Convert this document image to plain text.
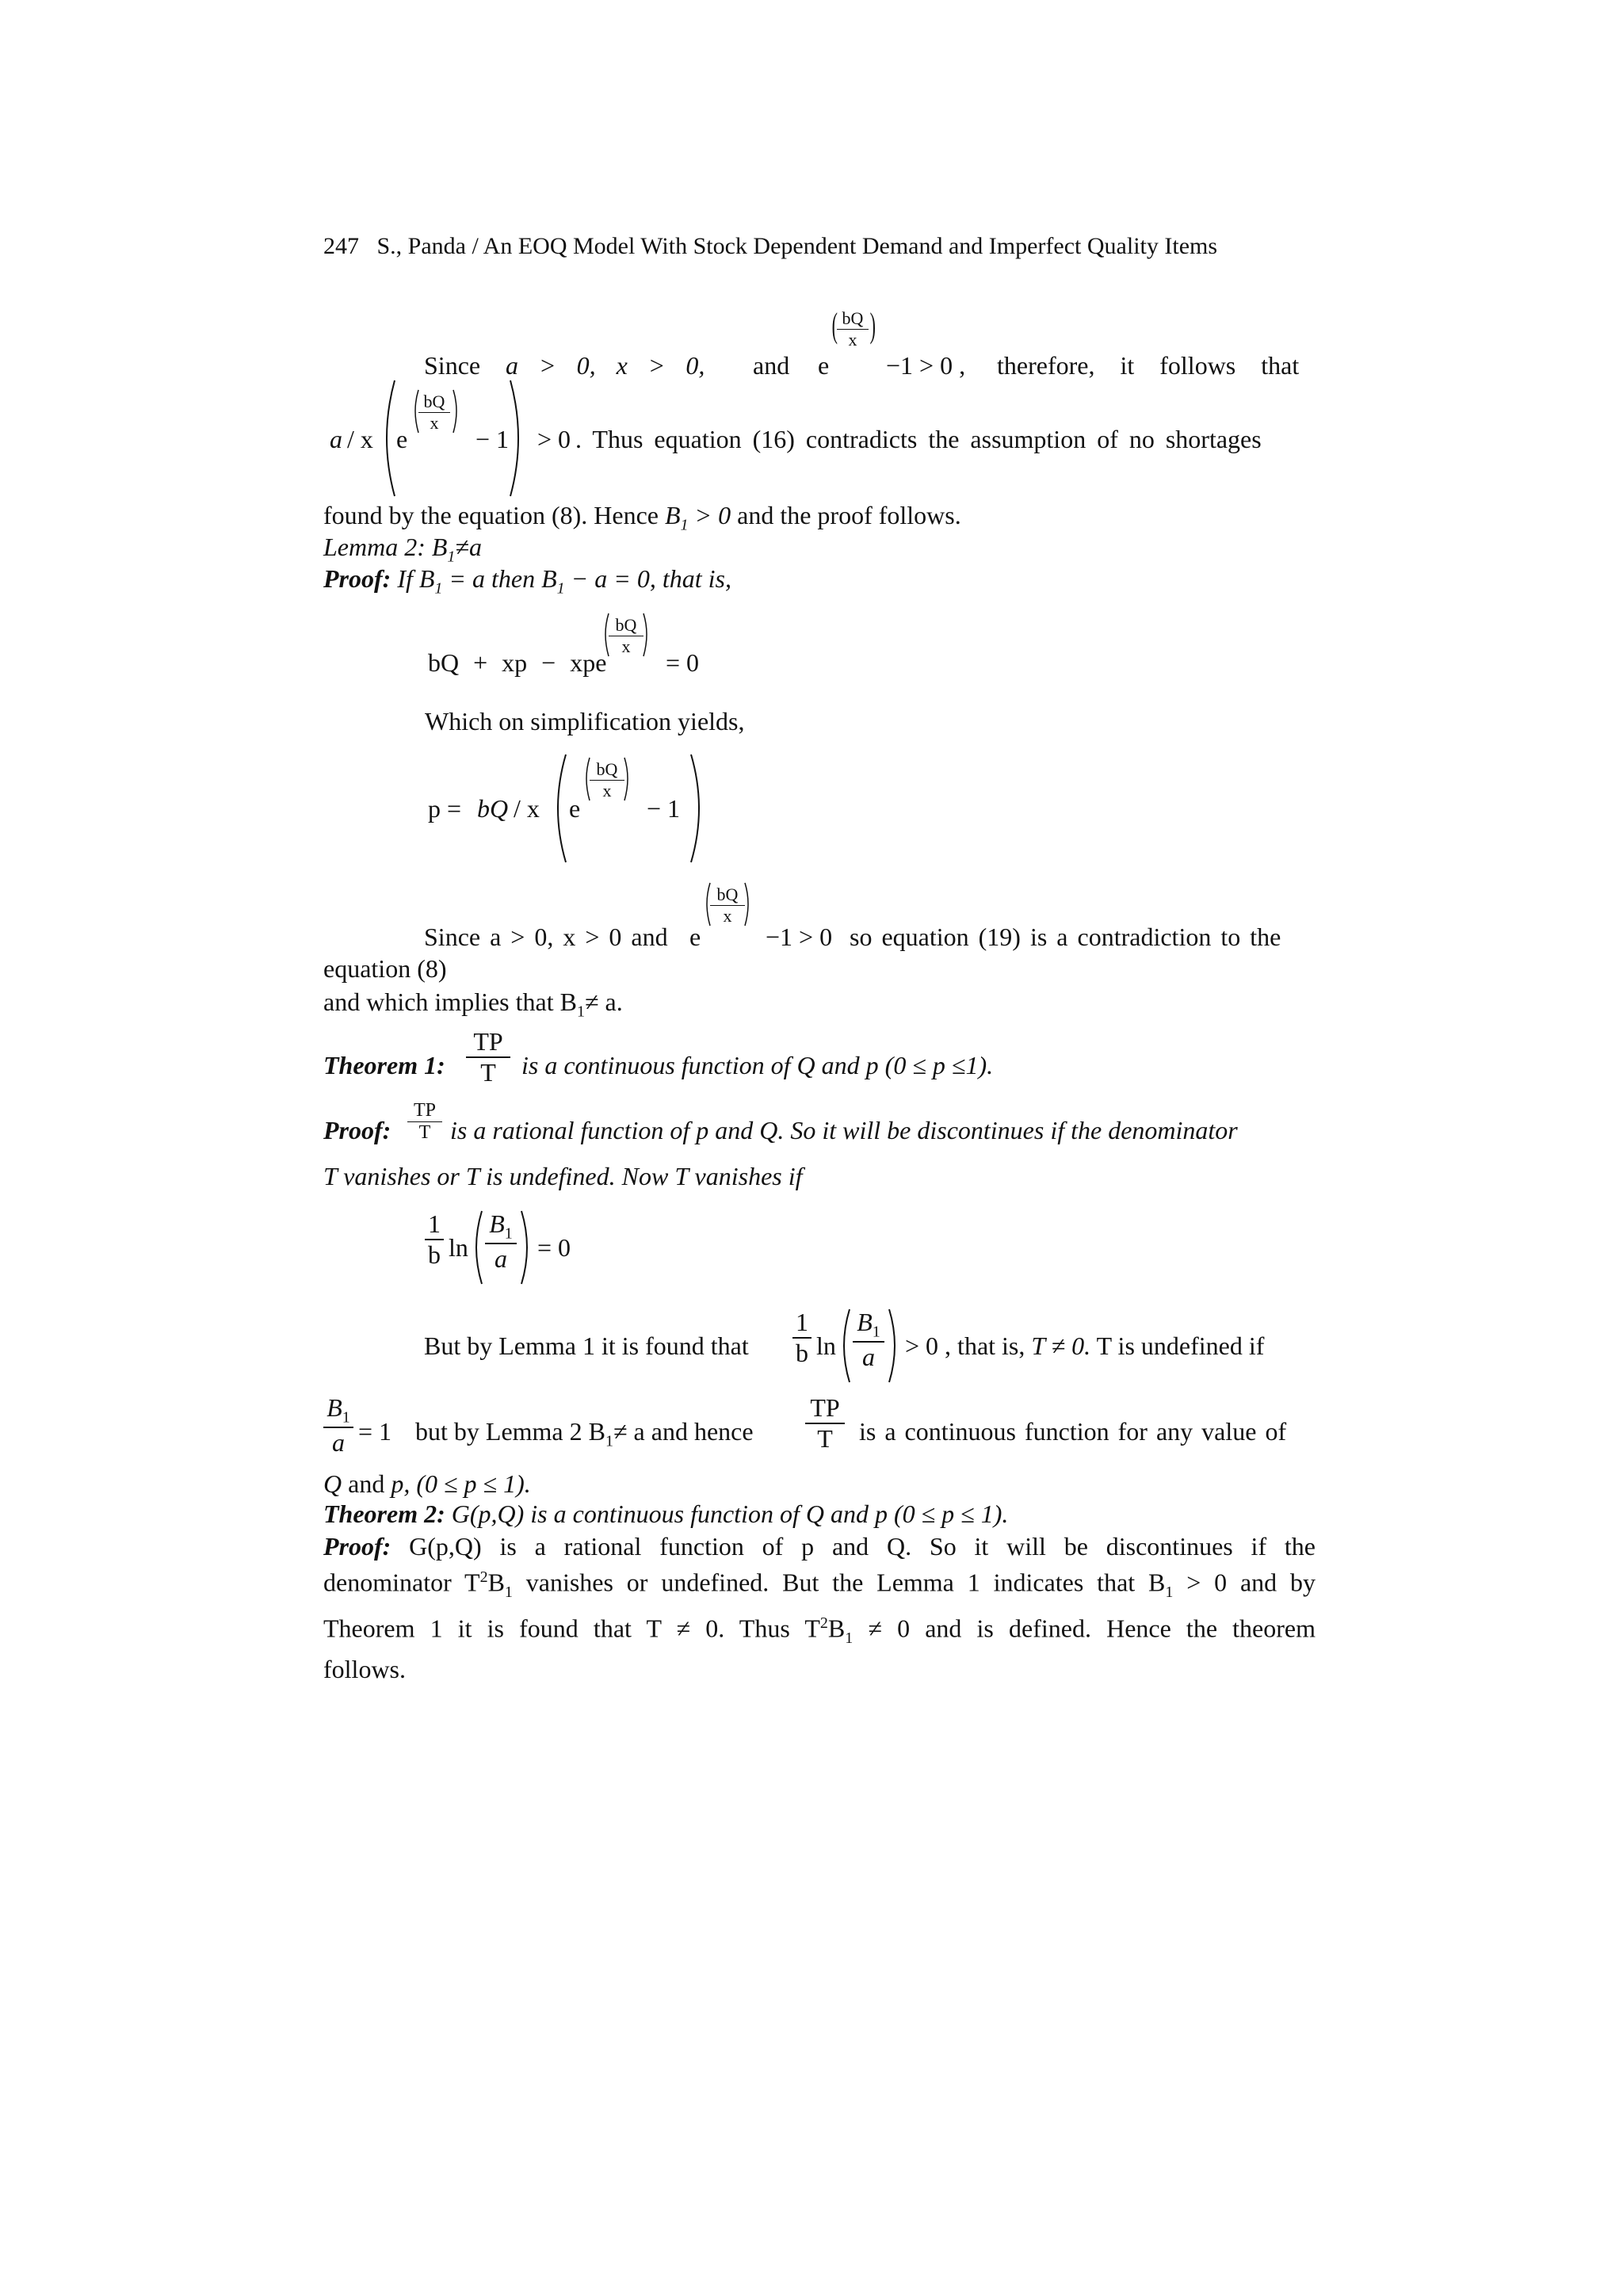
247 S., Panda / An EOQ Model With Stock Dependent Demand and Imperfect Quality Items
Since a > 0, x > 0, and e
( bQ
x )
−1 > 0 , therefore, it follows that
a / x e
$\frac{bQ}{x}$
− 1 > 0 . Thus equation (16) contradicts the assumption of no shortages
found by the equation (8). Hence $B_1 > 0$ and the proof follows.
Lemma 2: $B_1\ne a$
Proof: If $B_1 = a$ then $B_1 - a = 0$, that is,
bQ + xp − xpe
$\frac{bQ}{x}$
= 0
Which on simplification yields,
p = bQ / x e
$\frac{bQ}{x}$
− 1
Since a > 0, x > 0 and e
$\frac{bQ}{x}$
−1 > 0 so equation (19) is a contradiction to the
equation (8)
and which implies that $B_1\ne a$.
Theorem 1: $\frac{TP}{T}$ is a continuous function of Q and p (0 ≤ p ≤1).
Proof: $\frac{TP}{T}$ is a rational function of p and Q. So it will be discontinues if the denominator
T vanishes or T is undefined. Now T vanishes if
$\frac{1}{b}$ ln
$B_1$
a	= 0
But by Lemma 1 it is found that $\frac{1}{b}$ ln
$B_1$
a	> 0 , that is, T ≠ 0. T is undefined if
$B_1$
a = 1 but by Lemma 2 $B_1\ne a$ and hence $\frac{TP}{T}$ is a continuous function for any value of
Q and p, (0 ≤ p ≤ 1).
Theorem 2: G(p,Q) is a continuous function of Q and p (0 ≤ p ≤ 1).
Proof: G(p,Q) is a rational function of p and Q. So it will be discontinues if the
denominator $T^2B_1$ vanishes or undefined. But the Lemma 1 indicates that $B_1 > 0$ and by
Theorem 1 it is found that T ≠ 0. Thus $T^2B_1 \ne 0$ and is defined. Hence the theorem
follows.
